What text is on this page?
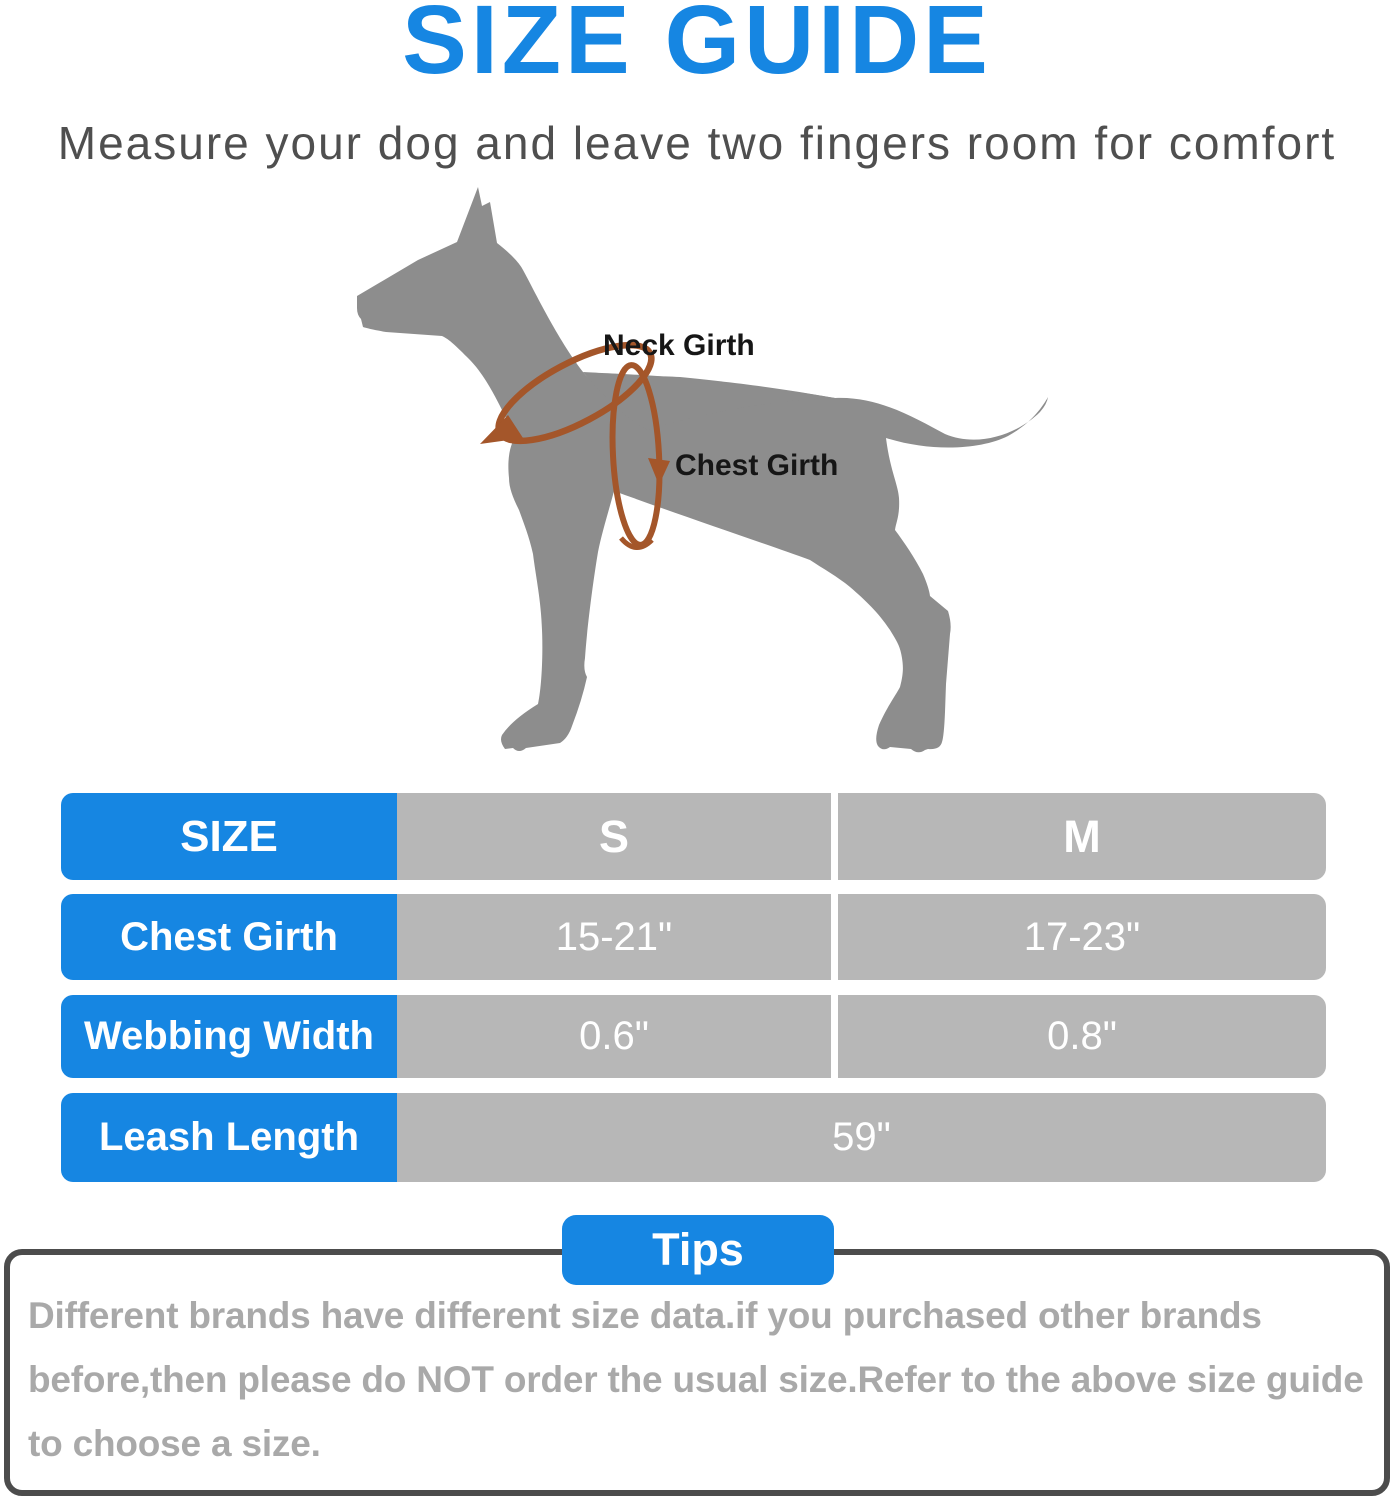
SIZE GUIDE
Measure your dog and leave two fingers room for comfort
Neck Girth
Chest Girth
SIZE	S	M
Chest Girth	15-21"	17-23"
Webbing Width	0.6"	0.8"
Leash Length	59"
Tips
Different brands have different size data.if you purchased other brands before,then please do NOT order the usual size.Refer to the above size guide to choose a size.
